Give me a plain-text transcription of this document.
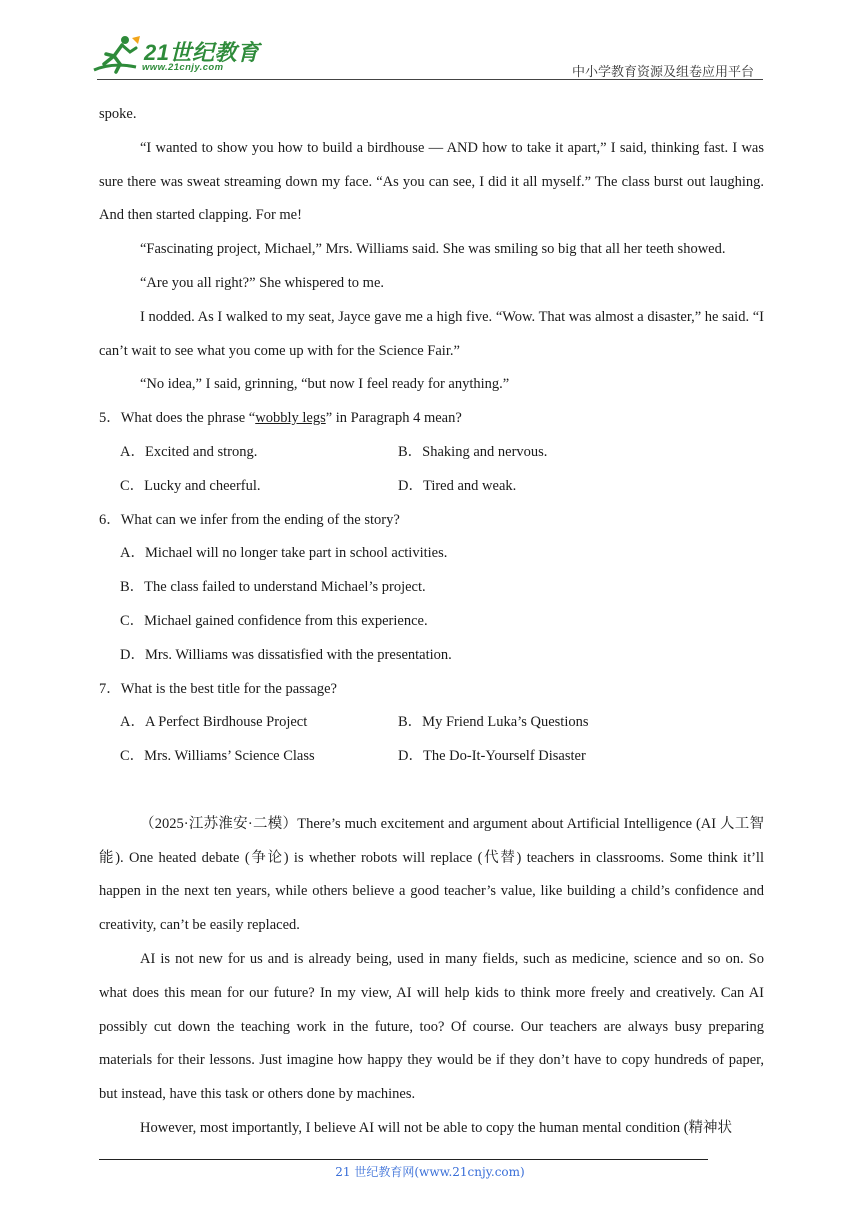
21世纪教育
www.21cnjy.com	中小学教育资源及组卷应用平台

spoke.

“I wanted to show you how to build a birdhouse — AND how to take it apart,” I said, thinking fast. I was sure there was sweat streaming down my face. “As you can see, I did it all myself.” The class burst out laughing. And then started clapping. For me!

“Fascinating project, Michael,” Mrs. Williams said. She was smiling so big that all her teeth showed.

“Are you all right?” She whispered to me.

I nodded. As I walked to my seat, Jayce gave me a high five. “Wow. That was almost a disaster,” he said. “I can’t wait to see what you come up with for the Science Fair.”

“No idea,” I said, grinning, “but now I feel ready for anything.”

5．What does the phrase “wobbly legs” in Paragraph 4 mean?

A．Excited and strong.	B．Shaking and nervous.
C．Lucky and cheerful.	D．Tired and weak.

6．What can we infer from the ending of the story?

A．Michael will no longer take part in school activities.

B．The class failed to understand Michael’s project.

C．Michael gained confidence from this experience.

D．Mrs. Williams was dissatisfied with the presentation.

7．What is the best title for the passage?

A．A Perfect Birdhouse Project	B．My Friend Luka’s Questions
C．Mrs. Williams’ Science Class	D．The Do-It-Yourself Disaster

（2025·江苏淮安·二模）There’s much excitement and argument about Artificial Intelligence (AI 人工智能). One heated debate (争论) is whether robots will replace (代替) teachers in classrooms. Some think it’ll happen in the next ten years, while others believe a good teacher’s value, like building a child’s confidence and creativity, can’t be easily replaced.

AI is not new for us and is already being, used in many fields, such as medicine, science and so on. So what does this mean for our future? In my view, AI will help kids to think more freely and creatively. Can AI possibly cut down the teaching work in the future, too? Of course. Our teachers are always busy preparing materials for their lessons. Just imagine how happy they would be if they don’t have to copy hundreds of paper, but instead, have this task or others done by machines.

However, most importantly, I believe AI will not be able to copy the human mental condition (精神状

21 世纪教育网(www.21cnjy.com)
